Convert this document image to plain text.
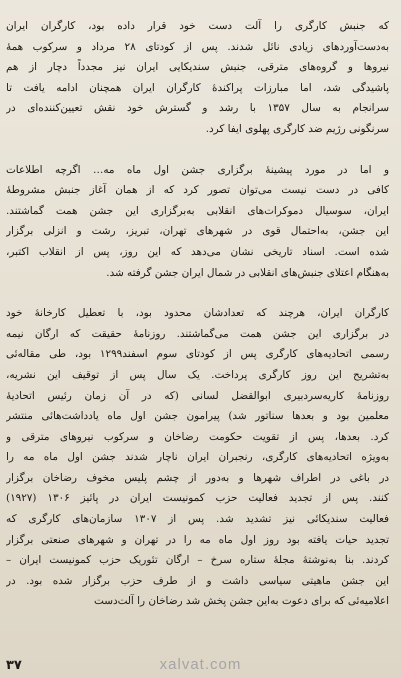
که جنبش کارگری را آلت دست خود قرار داده بود، کارگران ایران
به‌دست‌آوردهای زیادی نائل شدند. پس از کودتای ۲۸ مرداد و سرکوب همهٔ
نیروها و گروه‌های مترقی، جنبش سندیکایی ایران نیز مجدداً دچار از هم
پاشیدگی شد، اما مبارزات پراکندهٔ کارگران ایران همچنان ادامه یافت تا
سرانجام به سال ۱۳۵۷ با رشد و گسترش خود نقش تعیین‌کننده‌ای در
سرنگونی رژیم ضد کارگری پهلوی ایفا کرد.

و اما در مورد پیشینهٔ برگزاری جشن اول ماه مه… اگرچه اطلاعات
کافی در دست نیست می‌توان تصور کرد که از همان آغاز جنبش مشروطهٔ
ایران، سوسیال دموکرات‌های انقلابی به‌برگزاری این جشن همت گماشتند.
این جشن، به‌احتمال قوی در شهرهای تهران، تبریز، رشت و انزلی برگزار
شده است. اسناد تاریخی نشان می‌دهد که این روز، پس از انقلاب اکتبر،
به‌هنگام اعتلای جنبش‌های انقلابی در شمال ایران جشن گرفته شد.

کارگران ایران، هرچند که تعدادشان محدود بود، با تعطیل کارخانهٔ خود
در برگزاری این جشن همت می‌گماشتند. روزنامهٔ حقیقت که ارگان نیمه
رسمی اتحادیه‌های کارگری پس از کودتای سوم اسفند۱۲۹۹ بود، طی مقاله‌ئی
به‌تشریح این روز کارگری پرداخت. یک سال پس از توقیف این نشریه،
روزنامهٔ کاریه‌سردبیری ابوالقضل لسانی (که در آن زمان رئیس اتحادیهٔ
معلمین بود و بعدها سناتور شد) پیرامون جشن اول ماه یادداشت‌هائی منتشر
کرد. بعدها، پس از تقویت حکومت رضاخان و سرکوب نیروهای مترقی و
به‌ویژه اتحادیه‌های کارگری، رنجبران ایران ناچار شدند جشن اول ماه مه را
در باغی در اطراف شهرها و به‌دور از چشم پلیس مخوف رضاخان برگزار
کنند. پس از تجدید فعالیت حزب کمونیست ایران در پائیز ۱۳۰۶ (۱۹۲۷)
فعالیت سندیکائی نیز تشدید شد. پس از ۱۳۰۷ سازمان‌های کارگری که
تجدید حیات یافته بود روز اول ماه مه را در تهران و شهرهای صنعتی برگزار
کردند. بنا به‌نوشتهٔ مجلهٔ ستاره سرخ – ارگان تئوریک حزب کمونیست ایران –
این جشن ماهیتی سیاسی داشت و از طرف حزب برگزار شده بود. در
اعلامیه‌ئی که برای دعوت به‌این جشن پخش شد رضاخان را آلت‌دست

xalvat.com
۳۷
